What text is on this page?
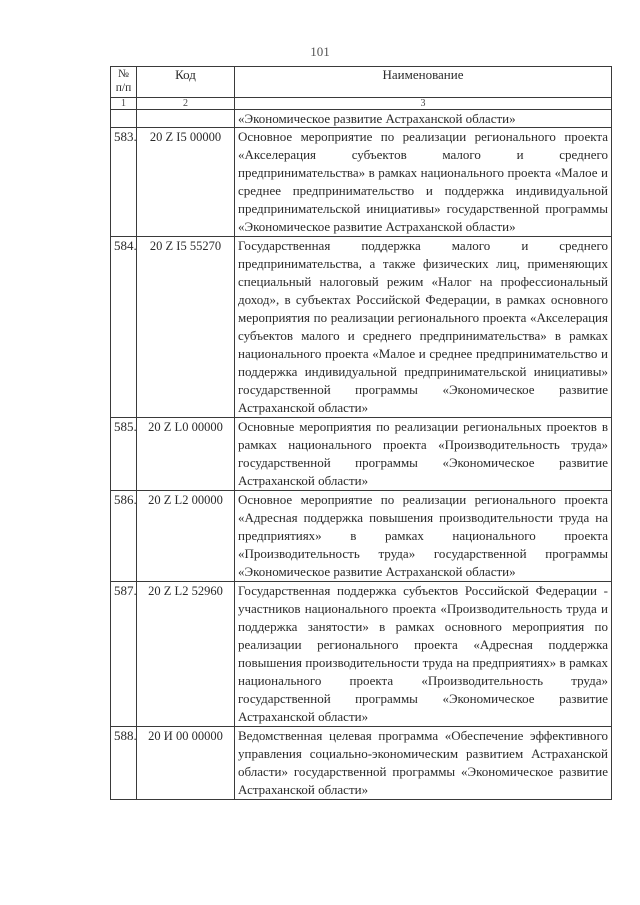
101
№ п/п	Код	Наименование
1	2	3
		«Экономическое развитие Астраханской области»
583.	20 Z I5 00000	Основное мероприятие по реализации регионального проекта «Акселерация субъектов малого и среднего предпринимательства» в рамках национального проекта «Малое и среднее предпринимательство и поддержка индивидуальной предпринимательской инициативы» государственной программы «Экономическое развитие Астраханской области»
584.	20 Z I5 55270	Государственная поддержка малого и среднего предпринимательства, а также физических лиц, применяющих специальный налоговый режим «Налог на профессиональный доход», в субъектах Российской Федерации, в рамках основного мероприятия по реализации регионального проекта «Акселерация субъектов малого и среднего предпринимательства» в рамках национального проекта «Малое и среднее предпринимательство и поддержка индивидуальной предпринимательской инициативы» государственной программы «Экономическое развитие Астраханской области»
585.	20 Z L0 00000	Основные мероприятия по реализации региональных проектов в рамках национального проекта «Производительность труда» государственной программы «Экономическое развитие Астраханской области»
586.	20 Z L2 00000	Основное мероприятие по реализации регионального проекта «Адресная поддержка повышения производительности труда на предприятиях» в рамках национального проекта «Производительность труда» государственной программы «Экономическое развитие Астраханской области»
587.	20 Z L2 52960	Государственная поддержка субъектов Российской Федерации - участников национального проекта «Производительность труда и поддержка занятости» в рамках основного мероприятия по реализации регионального проекта «Адресная поддержка повышения производительности труда на предприятиях» в рамках национального проекта «Производительность труда» государственной программы «Экономическое развитие Астраханской области»
588.	20 И 00 00000	Ведомственная целевая программа «Обеспечение эффективного управления социально-экономическим развитием Астраханской области» государственной программы «Экономическое развитие Астраханской области»
